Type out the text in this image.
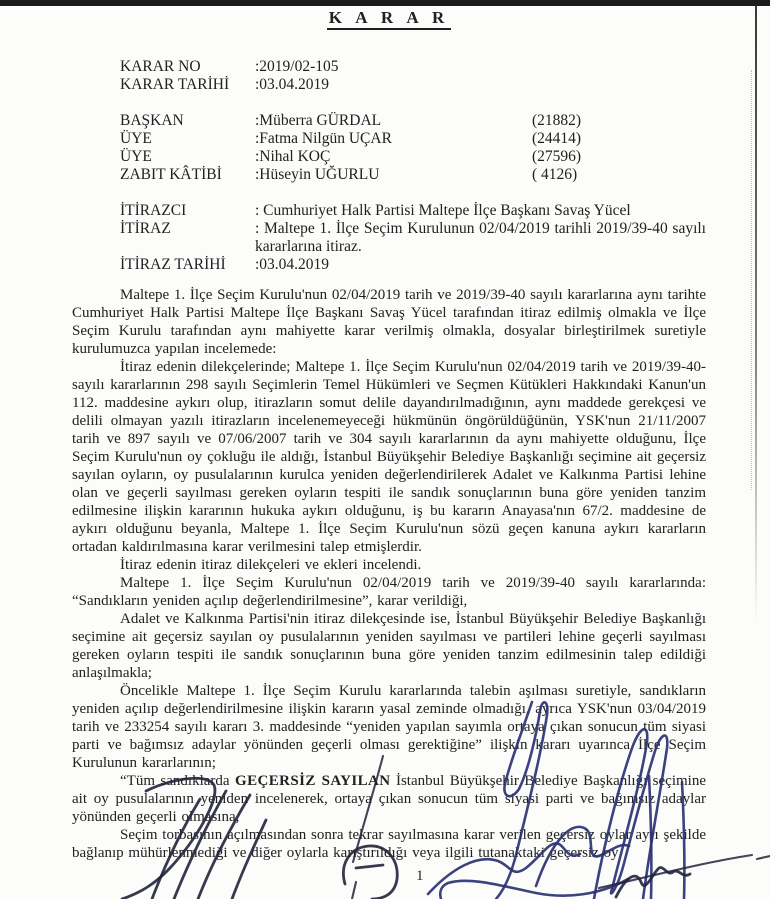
K A R A R
KARAR NO	:2019/02-105
KARAR TARİHİ	:03.04.2019
BAŞKAN	:Müberra GÜRDAL	(21882)
ÜYE	:Fatma Nilgün UÇAR	(24414)
ÜYE	:Nihal KOÇ	(27596)
ZABIT KÂTİBİ	:Hüseyin UĞURLU	( 4126)
İTİRAZCI	: Cumhuriyet Halk Partisi Maltepe İlçe Başkanı Savaş Yücel
İTİRAZ	: Maltepe 1. İlçe Seçim Kurulunun 02/04/2019 tarihli 2019/39-40 sayılı kararlarına itiraz.
İTİRAZ TARİHİ	:03.04.2019

Maltepe 1. İlçe Seçim Kurulu'nun 02/04/2019 tarih ve 2019/39-40 sayılı kararlarına aynı tarihte Cumhuriyet Halk Partisi Maltepe İlçe Başkanı Savaş Yücel tarafından itiraz edilmiş olmakla ve İlçe Seçim Kurulu tarafından aynı mahiyette karar verilmiş olmakla, dosyalar birleştirilmek suretiyle kurulumuzca yapılan incelemede:

İtiraz edenin dilekçelerinde; Maltepe 1. İlçe Seçim Kurulu'nun 02/04/2019 tarih ve 2019/39-40-sayılı kararlarının 298 sayılı Seçimlerin Temel Hükümleri ve Seçmen Kütükleri Hakkındaki Kanun'un 112. maddesine aykırı olup, itirazların somut delile dayandırılmadığının, aynı maddede gerekçesi ve delili olmayan yazılı itirazların incelenemeyeceği hükmünün öngörüldüğünün, YSK'nun 21/11/2007 tarih ve 897 sayılı ve 07/06/2007 tarih ve 304 sayılı kararlarının da aynı mahiyette olduğunu, İlçe Seçim Kurulu'nun oy çokluğu ile aldığı, İstanbul Büyükşehir Belediye Başkanlığı seçimine ait geçersiz sayılan oyların, oy pusulalarının kurulca yeniden değerlendirilerek Adalet ve Kalkınma Partisi lehine olan ve geçerli sayılması gereken oyların tespiti ile sandık sonuçlarının buna göre yeniden tanzim edilmesine ilişkin kararının hukuka aykırı olduğunu, iş bu kararın Anayasa'nın 67/2. maddesine de aykırı olduğunu beyanla, Maltepe 1. İlçe Seçim Kurulu'nun sözü geçen kanuna aykırı kararların ortadan kaldırılmasına karar verilmesini talep etmişlerdir.

İtiraz edenin itiraz dilekçeleri ve ekleri incelendi.

Maltepe 1. İlçe Seçim Kurulu'nun 02/04/2019 tarih ve 2019/39-40 sayılı kararlarında: “Sandıkların yeniden açılıp değerlendirilmesine”, karar verildiği,

Adalet ve Kalkınma Partisi'nin itiraz dilekçesinde ise, İstanbul Büyükşehir Belediye Başkanlığı seçimine ait geçersiz sayılan oy pusulalarının yeniden sayılması ve partileri lehine geçerli sayılması gereken oyların tespiti ile sandık sonuçlarının buna göre yeniden tanzim edilmesinin talep edildiği anlaşılmakla;

Öncelikle Maltepe 1. İlçe Seçim Kurulu kararlarında talebin aşılması suretiyle, sandıkların yeniden açılıp değerlendirilmesine ilişkin kararın yasal zeminde olmadığı, ayrıca YSK'nun 03/04/2019 tarih ve 233254 sayılı kararı 3. maddesinde “yeniden yapılan sayımla ortaya çıkan sonucun tüm siyasi parti ve bağımsız adaylar yönünden geçerli olması gerektiğine” ilişkin kararı uyarınca İlçe Seçim Kurulunun kararlarının;

“Tüm sandıklarda GEÇERSİZ SAYILAN İstanbul Büyükşehir Belediye Başkanlığı seçimine ait oy pusulalarının yeniden incelenerek, ortaya çıkan sonucun tüm siyasi parti ve bağımsız adaylar yönünden geçerli olmasına,

Seçim torbasının açılmasından sonra tekrar sayılmasına karar verilen geçersiz oylar ayrı şekilde bağlanıp mühürlenmediği ve diğer oylarla karıştırıldığı veya ilgili tutanaktaki geçersiz oy

1
